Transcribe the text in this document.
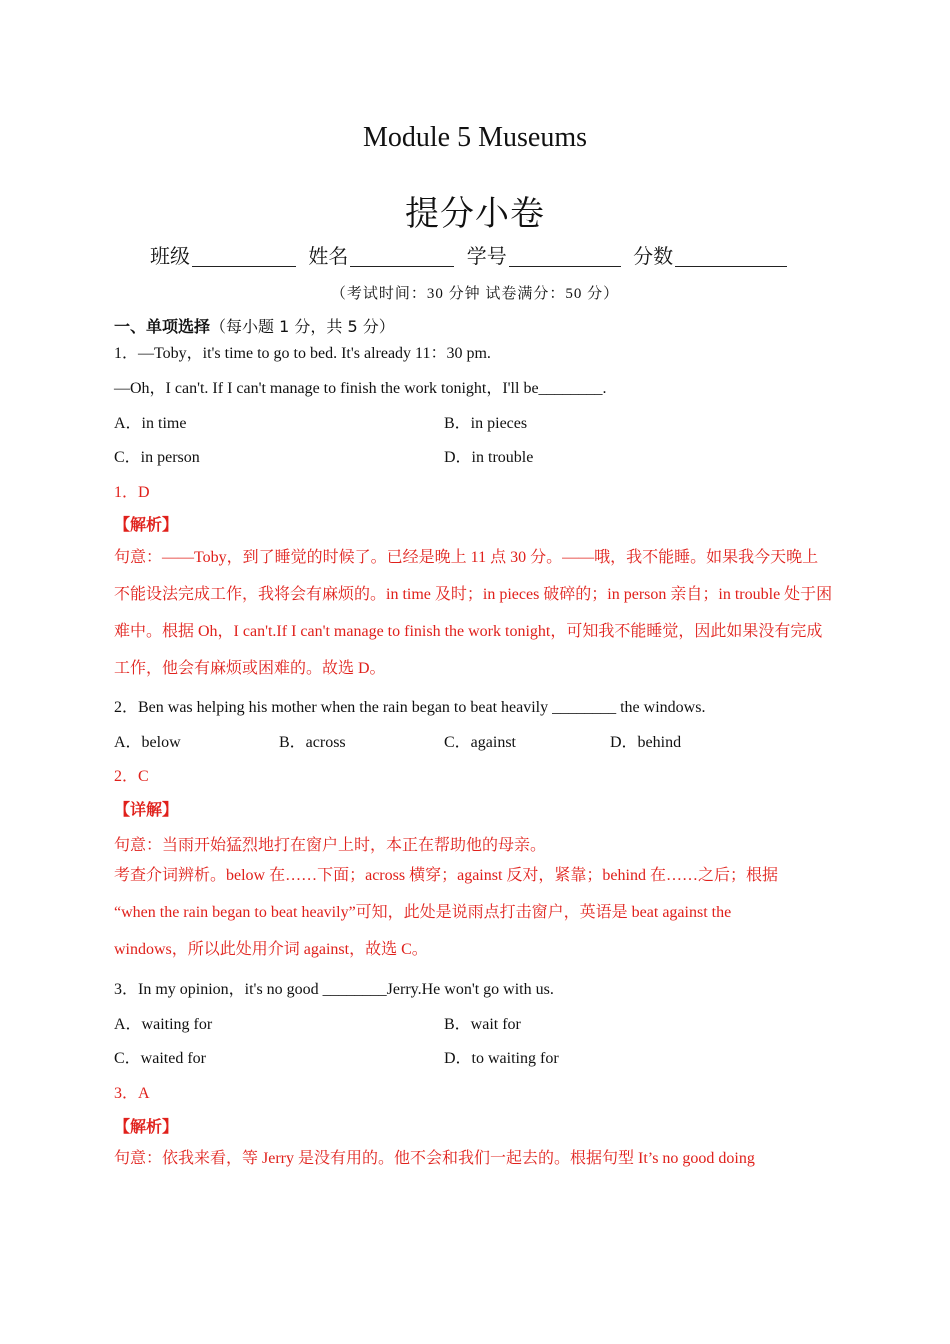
Module 5 Museums
提分小卷
班级	姓名	学号	分数
（考试时间：30 分钟 试卷满分：50 分）
一、单项选择（每小题 1 分，共 5 分）
1．—Toby，it's time to go to bed. It's already 11：30 pm.
—Oh，I can't. If I can't manage to finish the work tonight，I'll be________.
A．in time	B．in pieces
C．in person	D．in trouble
1．D
【解析】
句意：——Toby，到了睡觉的时候了。已经是晚上 11 点 30 分。——哦，我不能睡。如果我今天晚上不能设法完成工作，我将会有麻烦的。in time 及时；in pieces 破碎的；in person 亲自；in trouble 处于困难中。根据 Oh，I can't.If I can't manage to finish the work tonight，可知我不能睡觉，因此如果没有完成工作，他会有麻烦或困难的。故选 D。
2．Ben was helping his mother when the rain began to beat heavily ________ the windows.
A．below	B．across	C．against	D．behind
2．C
【详解】
句意：当雨开始猛烈地打在窗户上时，本正在帮助他的母亲。
考查介词辨析。below 在……下面；across 横穿；against 反对，紧靠；behind 在……之后；根据 “when the rain began to beat heavily”可知，此处是说雨点打击窗户，英语是 beat against the windows，所以此处用介词 against，故选 C。
3．In my opinion，it's no good ________Jerry.He won't go with us.
A．waiting for	B．wait for
C．waited for	D．to waiting for
3．A
【解析】
句意：依我来看，等 Jerry 是没有用的。他不会和我们一起去的。根据句型 It’s no good doing
